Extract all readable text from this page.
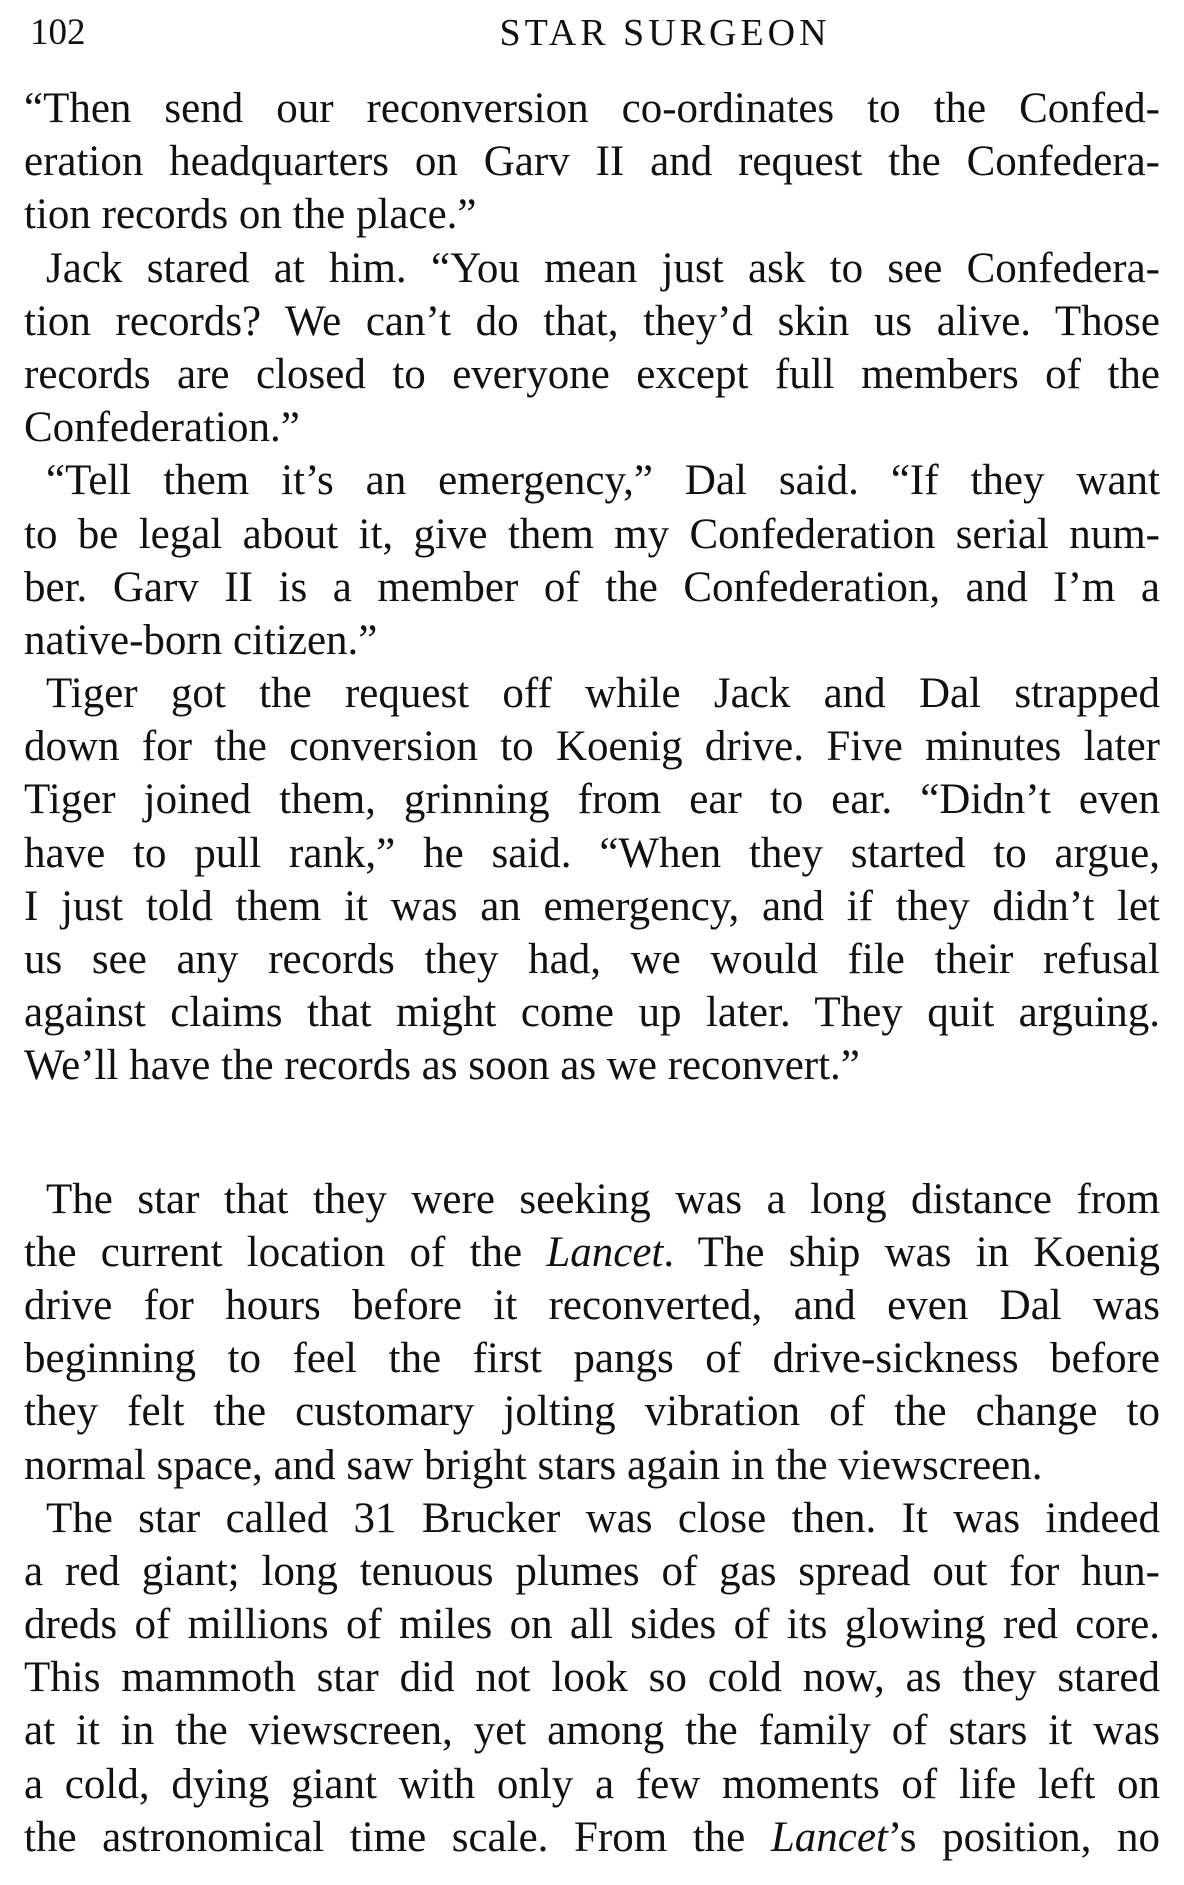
102	STAR SURGEON
“Then send our reconversion co-ordinates to the Confed-
eration headquarters on Garv II and request the Confedera-
tion records on the place.”
Jack stared at him. “You mean just ask to see Confedera-
tion records? We can’t do that, they’d skin us alive. Those
records are closed to everyone except full members of the
Confederation.”
“Tell them it’s an emergency,” Dal said. “If they want
to be legal about it, give them my Confederation serial num-
ber. Garv II is a member of the Confederation, and I’m a
native-born citizen.”
Tiger got the request off while Jack and Dal strapped
down for the conversion to Koenig drive. Five minutes later
Tiger joined them, grinning from ear to ear. “Didn’t even
have to pull rank,” he said. “When they started to argue,
I just told them it was an emergency, and if they didn’t let
us see any records they had, we would file their refusal
against claims that might come up later. They quit arguing.
We’ll have the records as soon as we reconvert.”
The star that they were seeking was a long distance from
the current location of the Lancet. The ship was in Koenig
drive for hours before it reconverted, and even Dal was
beginning to feel the first pangs of drive-sickness before
they felt the customary jolting vibration of the change to
normal space, and saw bright stars again in the viewscreen.
The star called 31 Brucker was close then. It was indeed
a red giant; long tenuous plumes of gas spread out for hun-
dreds of millions of miles on all sides of its glowing red core.
This mammoth star did not look so cold now, as they stared
at it in the viewscreen, yet among the family of stars it was
a cold, dying giant with only a few moments of life left on
the astronomical time scale. From the Lancet’s position, no
